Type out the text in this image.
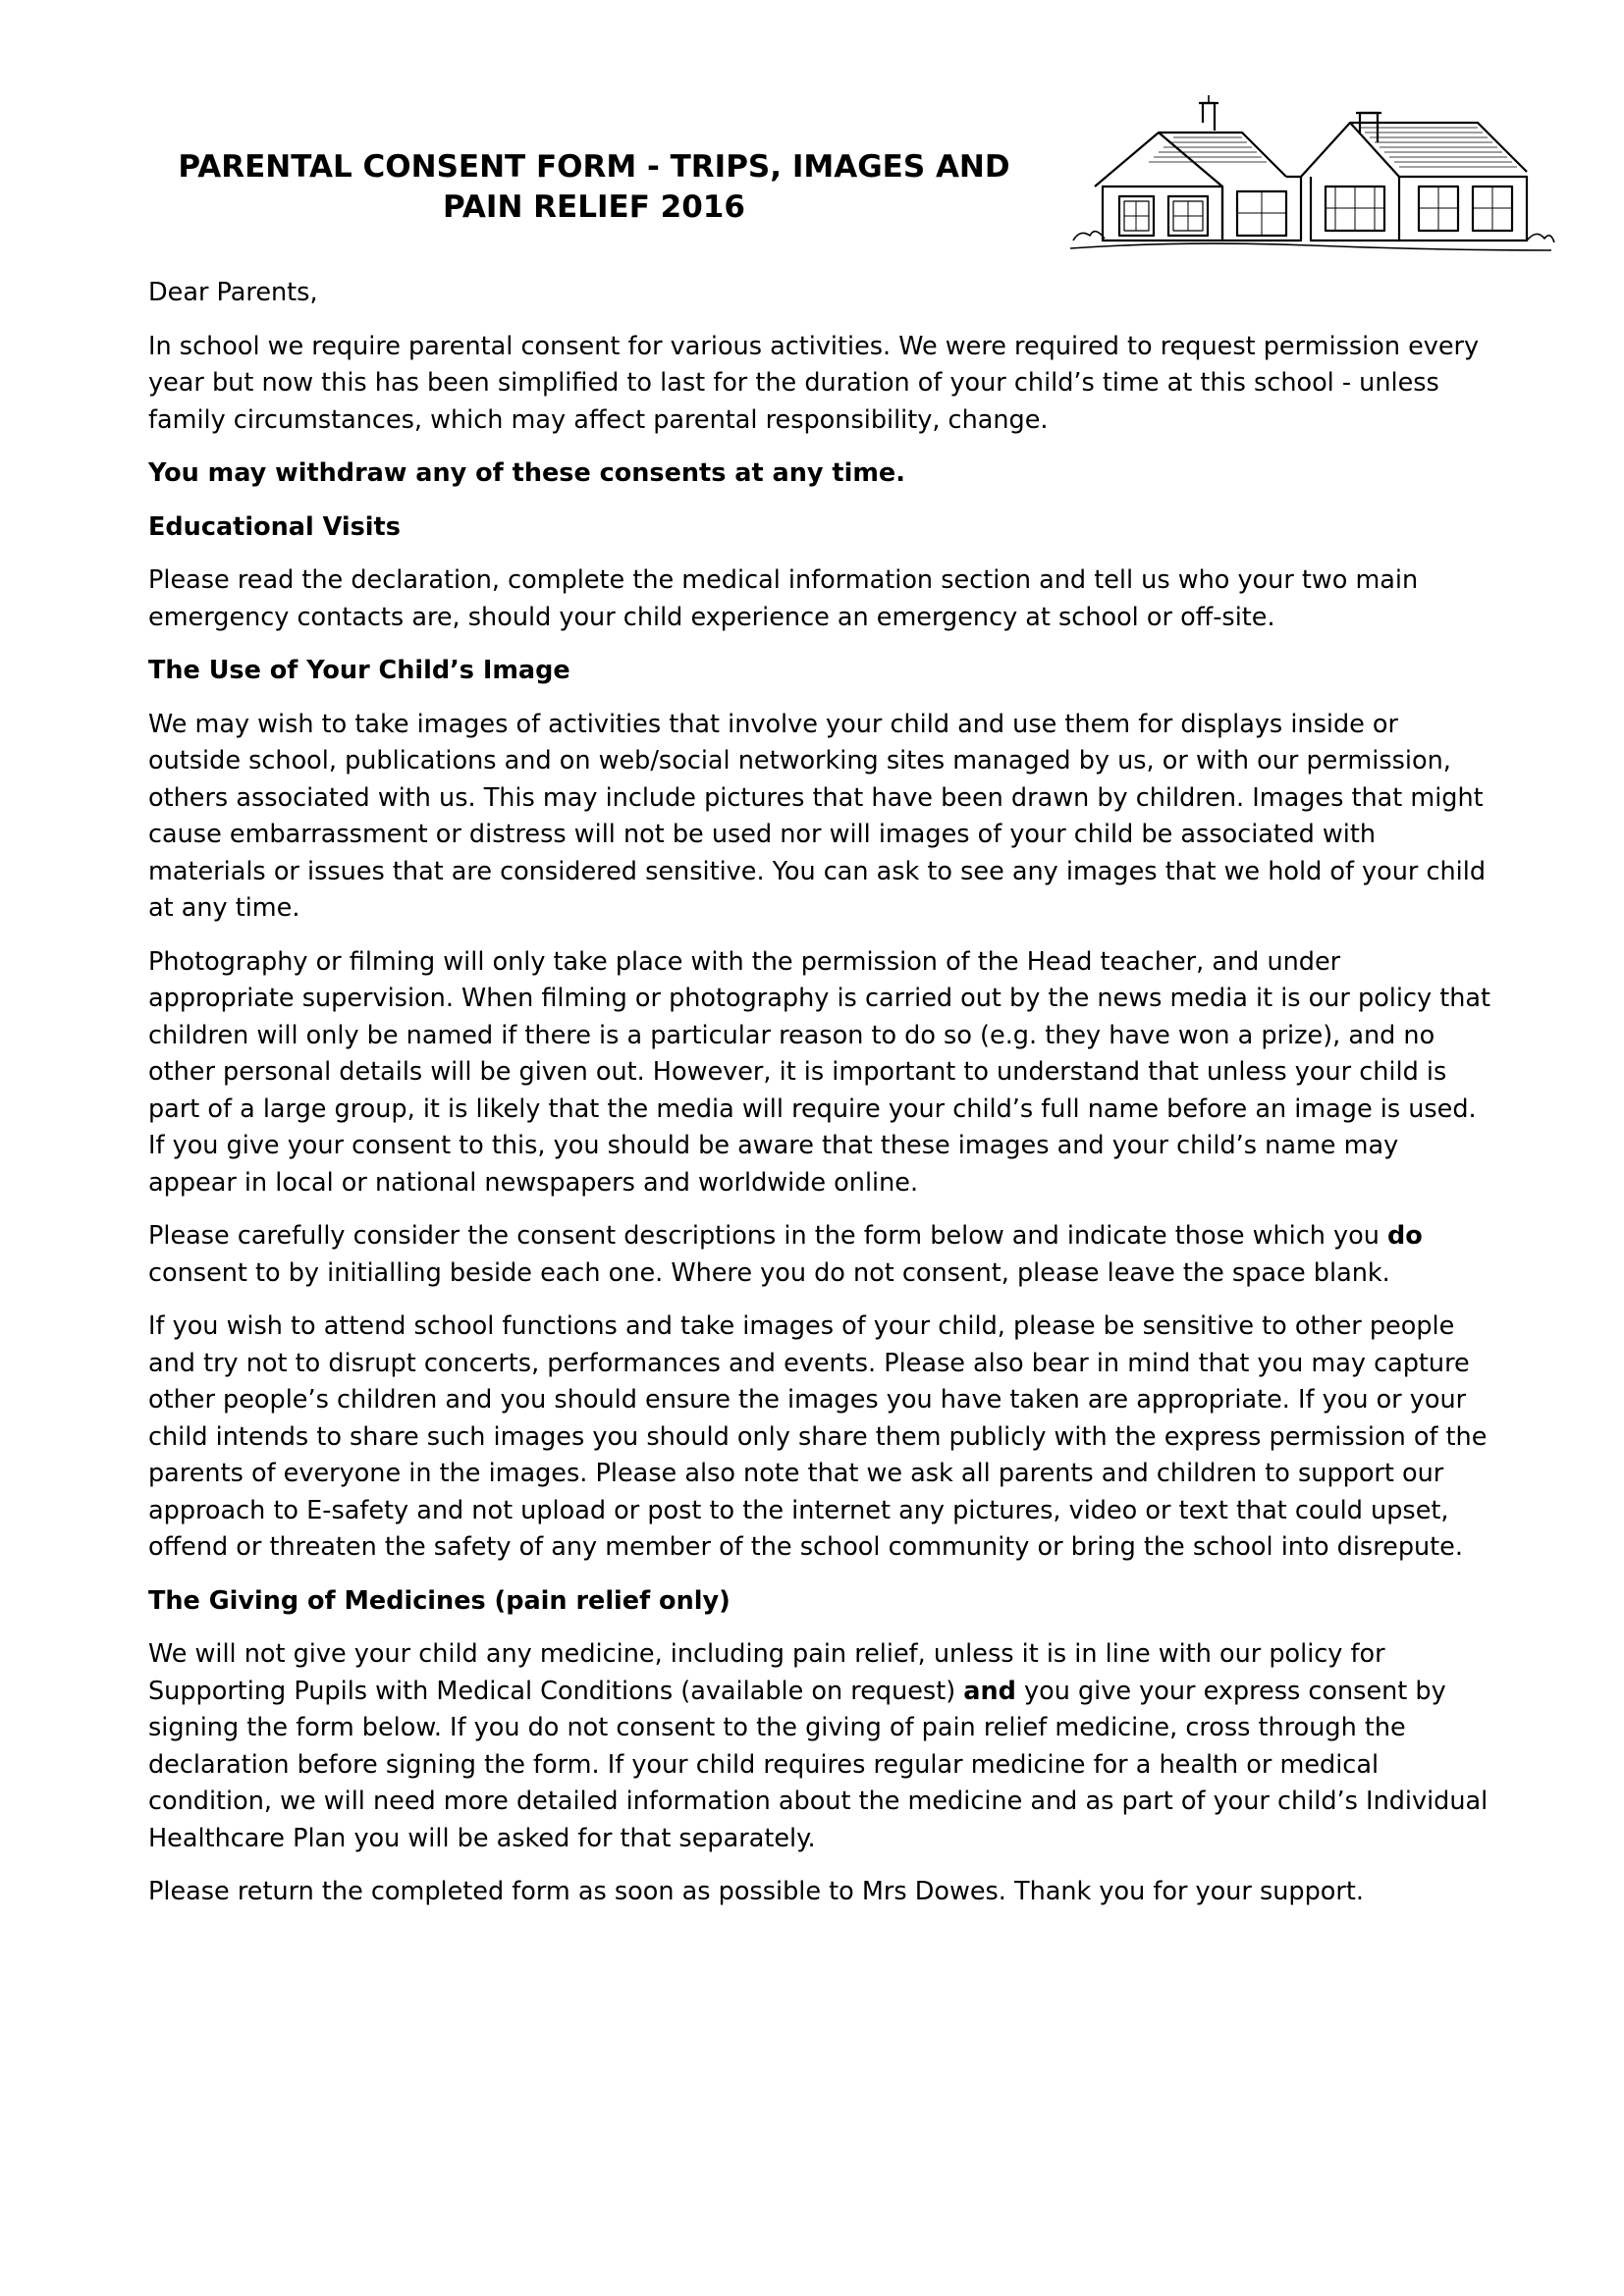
PARENTAL CONSENT FORM - TRIPS, IMAGES AND PAIN RELIEF 2016

Dear Parents,

In school we require parental consent for various activities. We were required to request permission every year but now this has been simplified to last for the duration of your child’s time at this school - unless family circumstances, which may affect parental responsibility, change.

You may withdraw any of these consents at any time.

Educational Visits

Please read the declaration, complete the medical information section and tell us who your two main emergency contacts are, should your child experience an emergency at school or off-site.

The Use of Your Child’s Image

We may wish to take images of activities that involve your child and use them for displays inside or outside school, publications and on web/social networking sites managed by us, or with our permission, others associated with us. This may include pictures that have been drawn by children. Images that might cause embarrassment or distress will not be used nor will images of your child be associated with materials or issues that are considered sensitive. You can ask to see any images that we hold of your child at any time.

Photography or filming will only take place with the permission of the Head teacher, and under appropriate supervision. When filming or photography is carried out by the news media it is our policy that children will only be named if there is a particular reason to do so (e.g. they have won a prize), and no other personal details will be given out. However, it is important to understand that unless your child is part of a large group, it is likely that the media will require your child’s full name before an image is used. If you give your consent to this, you should be aware that these images and your child’s name may appear in local or national newspapers and worldwide online.

Please carefully consider the consent descriptions in the form below and indicate those which you do consent to by initialling beside each one. Where you do not consent, please leave the space blank.

If you wish to attend school functions and take images of your child, please be sensitive to other people and try not to disrupt concerts, performances and events. Please also bear in mind that you may capture other people’s children and you should ensure the images you have taken are appropriate. If you or your child intends to share such images you should only share them publicly with the express permission of the parents of everyone in the images. Please also note that we ask all parents and children to support our approach to E-safety and not upload or post to the internet any pictures, video or text that could upset, offend or threaten the safety of any member of the school community or bring the school into disrepute.

The Giving of Medicines (pain relief only)

We will not give your child any medicine, including pain relief, unless it is in line with our policy for Supporting Pupils with Medical Conditions (available on request) and you give your express consent by signing the form below. If you do not consent to the giving of pain relief medicine, cross through the declaration before signing the form. If your child requires regular medicine for a health or medical condition, we will need more detailed information about the medicine and as part of your child’s Individual Healthcare Plan you will be asked for that separately.

Please return the completed form as soon as possible to Mrs Dowes. Thank you for your support.
